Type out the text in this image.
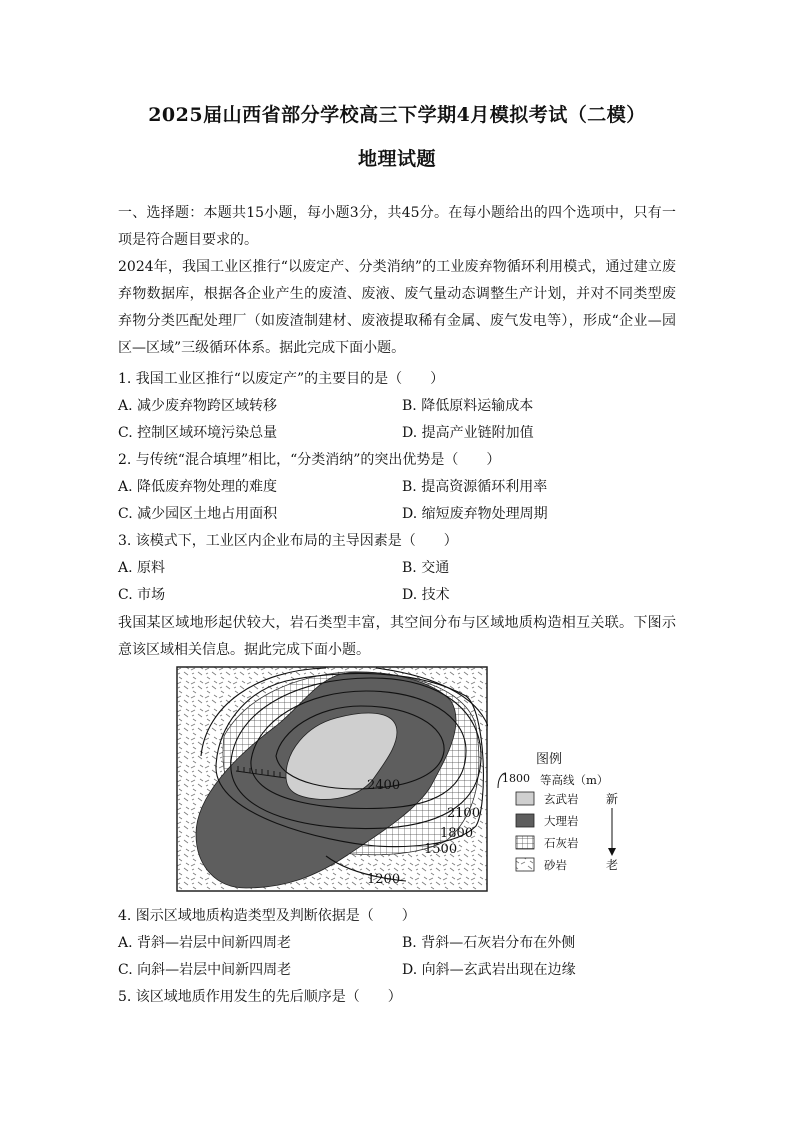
2025届山西省部分学校高三下学期4月模拟考试（二模）
地理试题
一、选择题：本题共15小题，每小题3分，共45分。在每小题给出的四个选项中，只有一项是符合题目要求的。
2024年，我国工业区推行“以废定产、分类消纳”的工业废弃物循环利用模式，通过建立废弃物数据库，根据各企业产生的废渣、废液、废气量动态调整生产计划，并对不同类型废弃物分类匹配处理厂（如废渣制建材、废液提取稀有金属、废气发电等），形成“企业—园区—区域”三级循环体系。据此完成下面小题。
1. 我国工业区推行“以废定产”的主要目的是（　　）
A. 减少废弃物跨区域转移	B. 降低原料运输成本
C. 控制区域环境污染总量	D. 提高产业链附加值
2. 与传统“混合填埋”相比，“分类消纳”的突出优势是（　　）
A. 降低废弃物处理的难度	B. 提高资源循环利用率
C. 减少园区土地占用面积	D. 缩短废弃物处理周期
3. 该模式下，工业区内企业布局的主导因素是（　　）
A. 原料	B. 交通
C. 市场	D. 技术
我国某区域地形起伏较大，岩石类型丰富，其空间分布与区域地质构造相互关联。下图示意该区域相关信息。据此完成下面小题。
2400
2100
1800
1500
1200
图例
1800 等高线（m）
玄武岩
大理岩
石灰岩
砂岩
新
老
4. 图示区域地质构造类型及判断依据是（　　）
A. 背斜—岩层中间新四周老	B. 背斜—石灰岩分布在外侧
C. 向斜—岩层中间新四周老	D. 向斜—玄武岩出现在边缘
5. 该区域地质作用发生的先后顺序是（　　）
